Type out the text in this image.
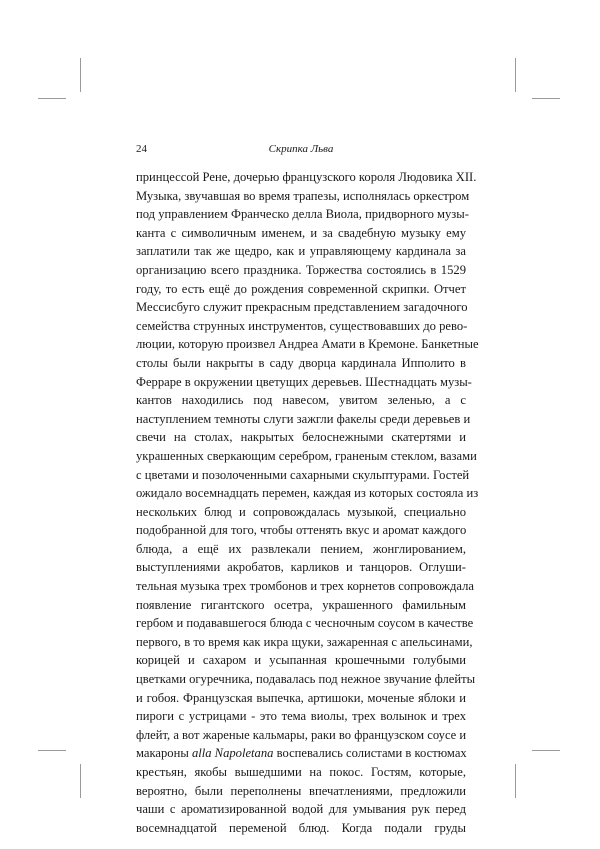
24	Скрипка Льва
принцессой Рене, дочерью французского короля Людовика XII.
Музыка, звучавшая во время трапезы, исполнялась оркестром
под управлением Франческо делла Виола, придворного музы-
канта с символичным именем, и за свадебную музыку ему
заплатили так же щедро, как и управляющему кардинала за
организацию всего праздника. Торжества состоялись в 1529
году, то есть ещё до рождения современной скрипки. Отчет
Мессисбуго служит прекрасным представлением загадочного
семейства струнных инструментов, существовавших до рево-
люции, которую произвел Андреа Амати в Кремоне. Банкетные
столы были накрыты в саду дворца кардинала Ипполито в
Ферраре в окружении цветущих деревьев. Шестнадцать музы-
кантов находились под навесом, увитом зеленью, а с
наступлением темноты слуги зажгли факелы среди деревьев и
свечи на столах, накрытых белоснежными скатертями и
украшенных сверкающим серебром, граненым стеклом, вазами
с цветами и позолоченными сахарными скульптурами. Гостей
ожидало восемнадцать перемен, каждая из которых состояла из
нескольких блюд и сопровождалась музыкой, специально
подобранной для того, чтобы оттенять вкус и аромат каждого
блюда, а ещё их развлекали пением, жонглированием,
выступлениями акробатов, карликов и танцоров. Оглуши-
тельная музыка трех тромбонов и трех корнетов сопровождала
появление гигантского осетра, украшенного фамильным
гербом и подававшегося блюда с чесночным соусом в качестве
первого, в то время как икра щуки, зажаренная с апельсинами,
корицей и сахаром и усыпанная крошечными голубыми
цветками огуречника, подавалась под нежное звучание флейты
и гобоя. Французская выпечка, артишоки, моченые яблоки и
пироги с устрицами - это тема виолы, трех волынок и трех
флейт, а вот жареные кальмары, раки во французском соусе и
макароны alla Napoletana воспевались солистами в костюмах
крестьян, якобы вышедшими на покос. Гостям, которые,
вероятно, были переполнены впечатлениями, предложили
чаши с ароматизированной водой для умывания рук перед
восемнадцатой переменой блюд. Когда подали груды
